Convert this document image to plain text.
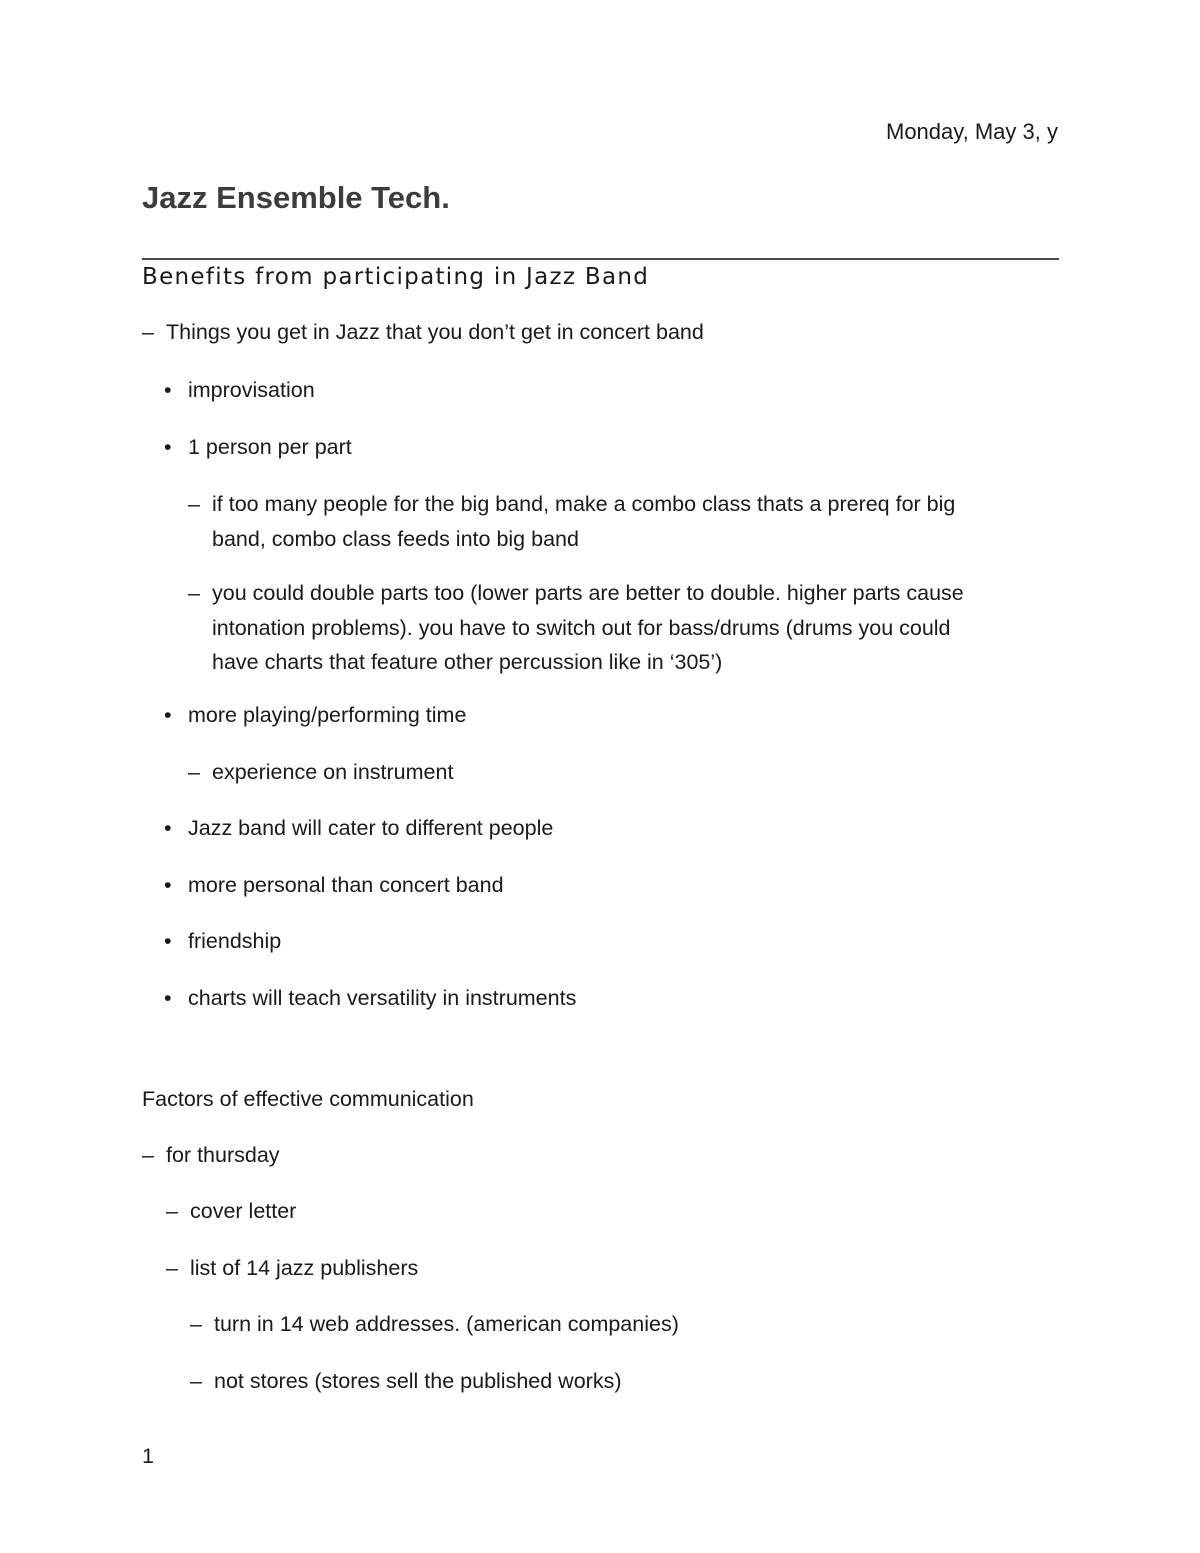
Monday, May 3, y
Jazz Ensemble Tech.
Benefits from participating in Jazz Band
– Things you get in Jazz that you don’t get in concert band
• improvisation
• 1 person per part
– if too many people for the big band, make a combo class thats a prereq for big
band, combo class feeds into big band
– you could double parts too (lower parts are better to double. higher parts cause
intonation problems). you have to switch out for bass/drums (drums you could
have charts that feature other percussion like in ‘305’)
• more playing/performing time
– experience on instrument
• Jazz band will cater to different people
• more personal than concert band
• friendship
• charts will teach versatility in instruments
Factors of effective communication
– for thursday
– cover letter
– list of 14 jazz publishers
– turn in 14 web addresses. (american companies)
– not stores (stores sell the published works)
1
